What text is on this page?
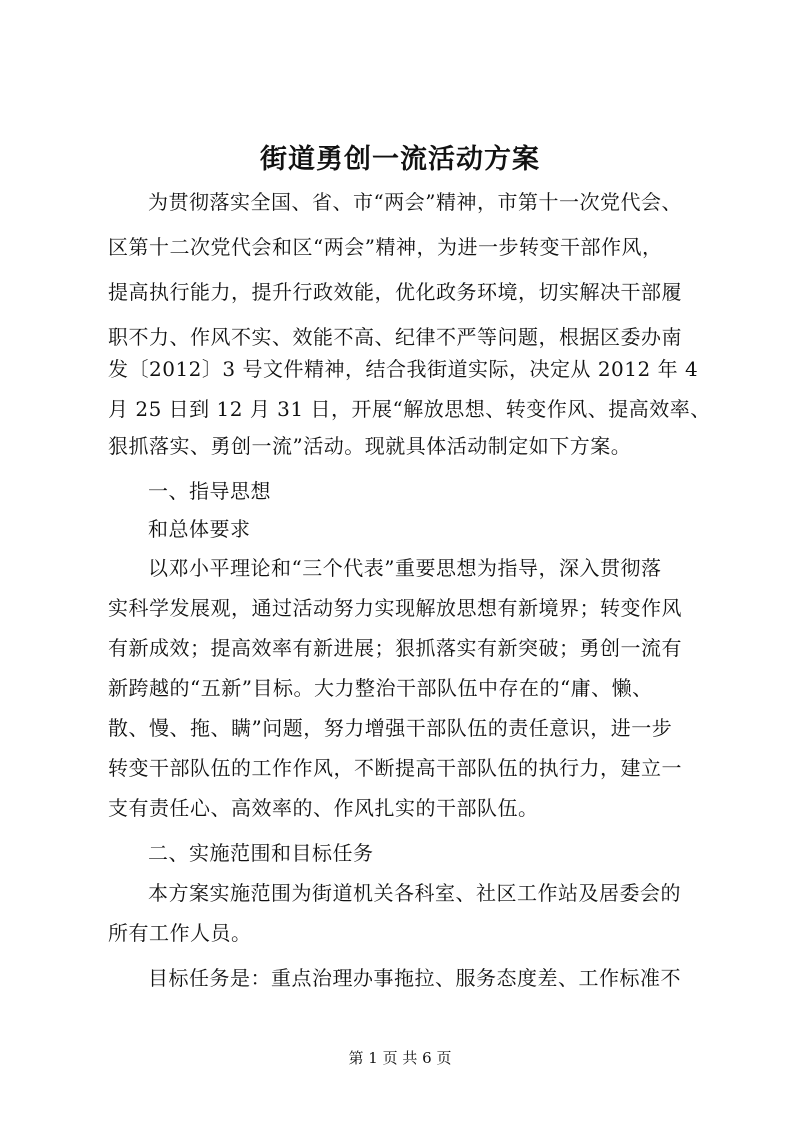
街道勇创一流活动方案
为贯彻落实全国、省、市“两会”精神，市第十一次党代会、
区第十二次党代会和区“两会”精神，为进一步转变干部作风，
提高执行能力，提升行政效能，优化政务环境，切实解决干部履
职不力、作风不实、效能不高、纪律不严等问题，根据区委办南
发〔2012〕3 号文件精神，结合我街道实际，决定从 2012 年 4
月 25 日到 12 月 31 日，开展“解放思想、转变作风、提高效率、
狠抓落实、勇创一流”活动。现就具体活动制定如下方案。
一、指导思想
和总体要求
以邓小平理论和“三个代表”重要思想为指导，深入贯彻落
实科学发展观，通过活动努力实现解放思想有新境界；转变作风
有新成效；提高效率有新进展；狠抓落实有新突破；勇创一流有
新跨越的“五新”目标。大力整治干部队伍中存在的“庸、懒、
散、慢、拖、瞒”问题，努力增强干部队伍的责任意识，进一步
转变干部队伍的工作作风，不断提高干部队伍的执行力，建立一
支有责任心、高效率的、作风扎实的干部队伍。
二、实施范围和目标任务
本方案实施范围为街道机关各科室、社区工作站及居委会的
所有工作人员。
目标任务是：重点治理办事拖拉、服务态度差、工作标准不
第 1 页 共 6 页
